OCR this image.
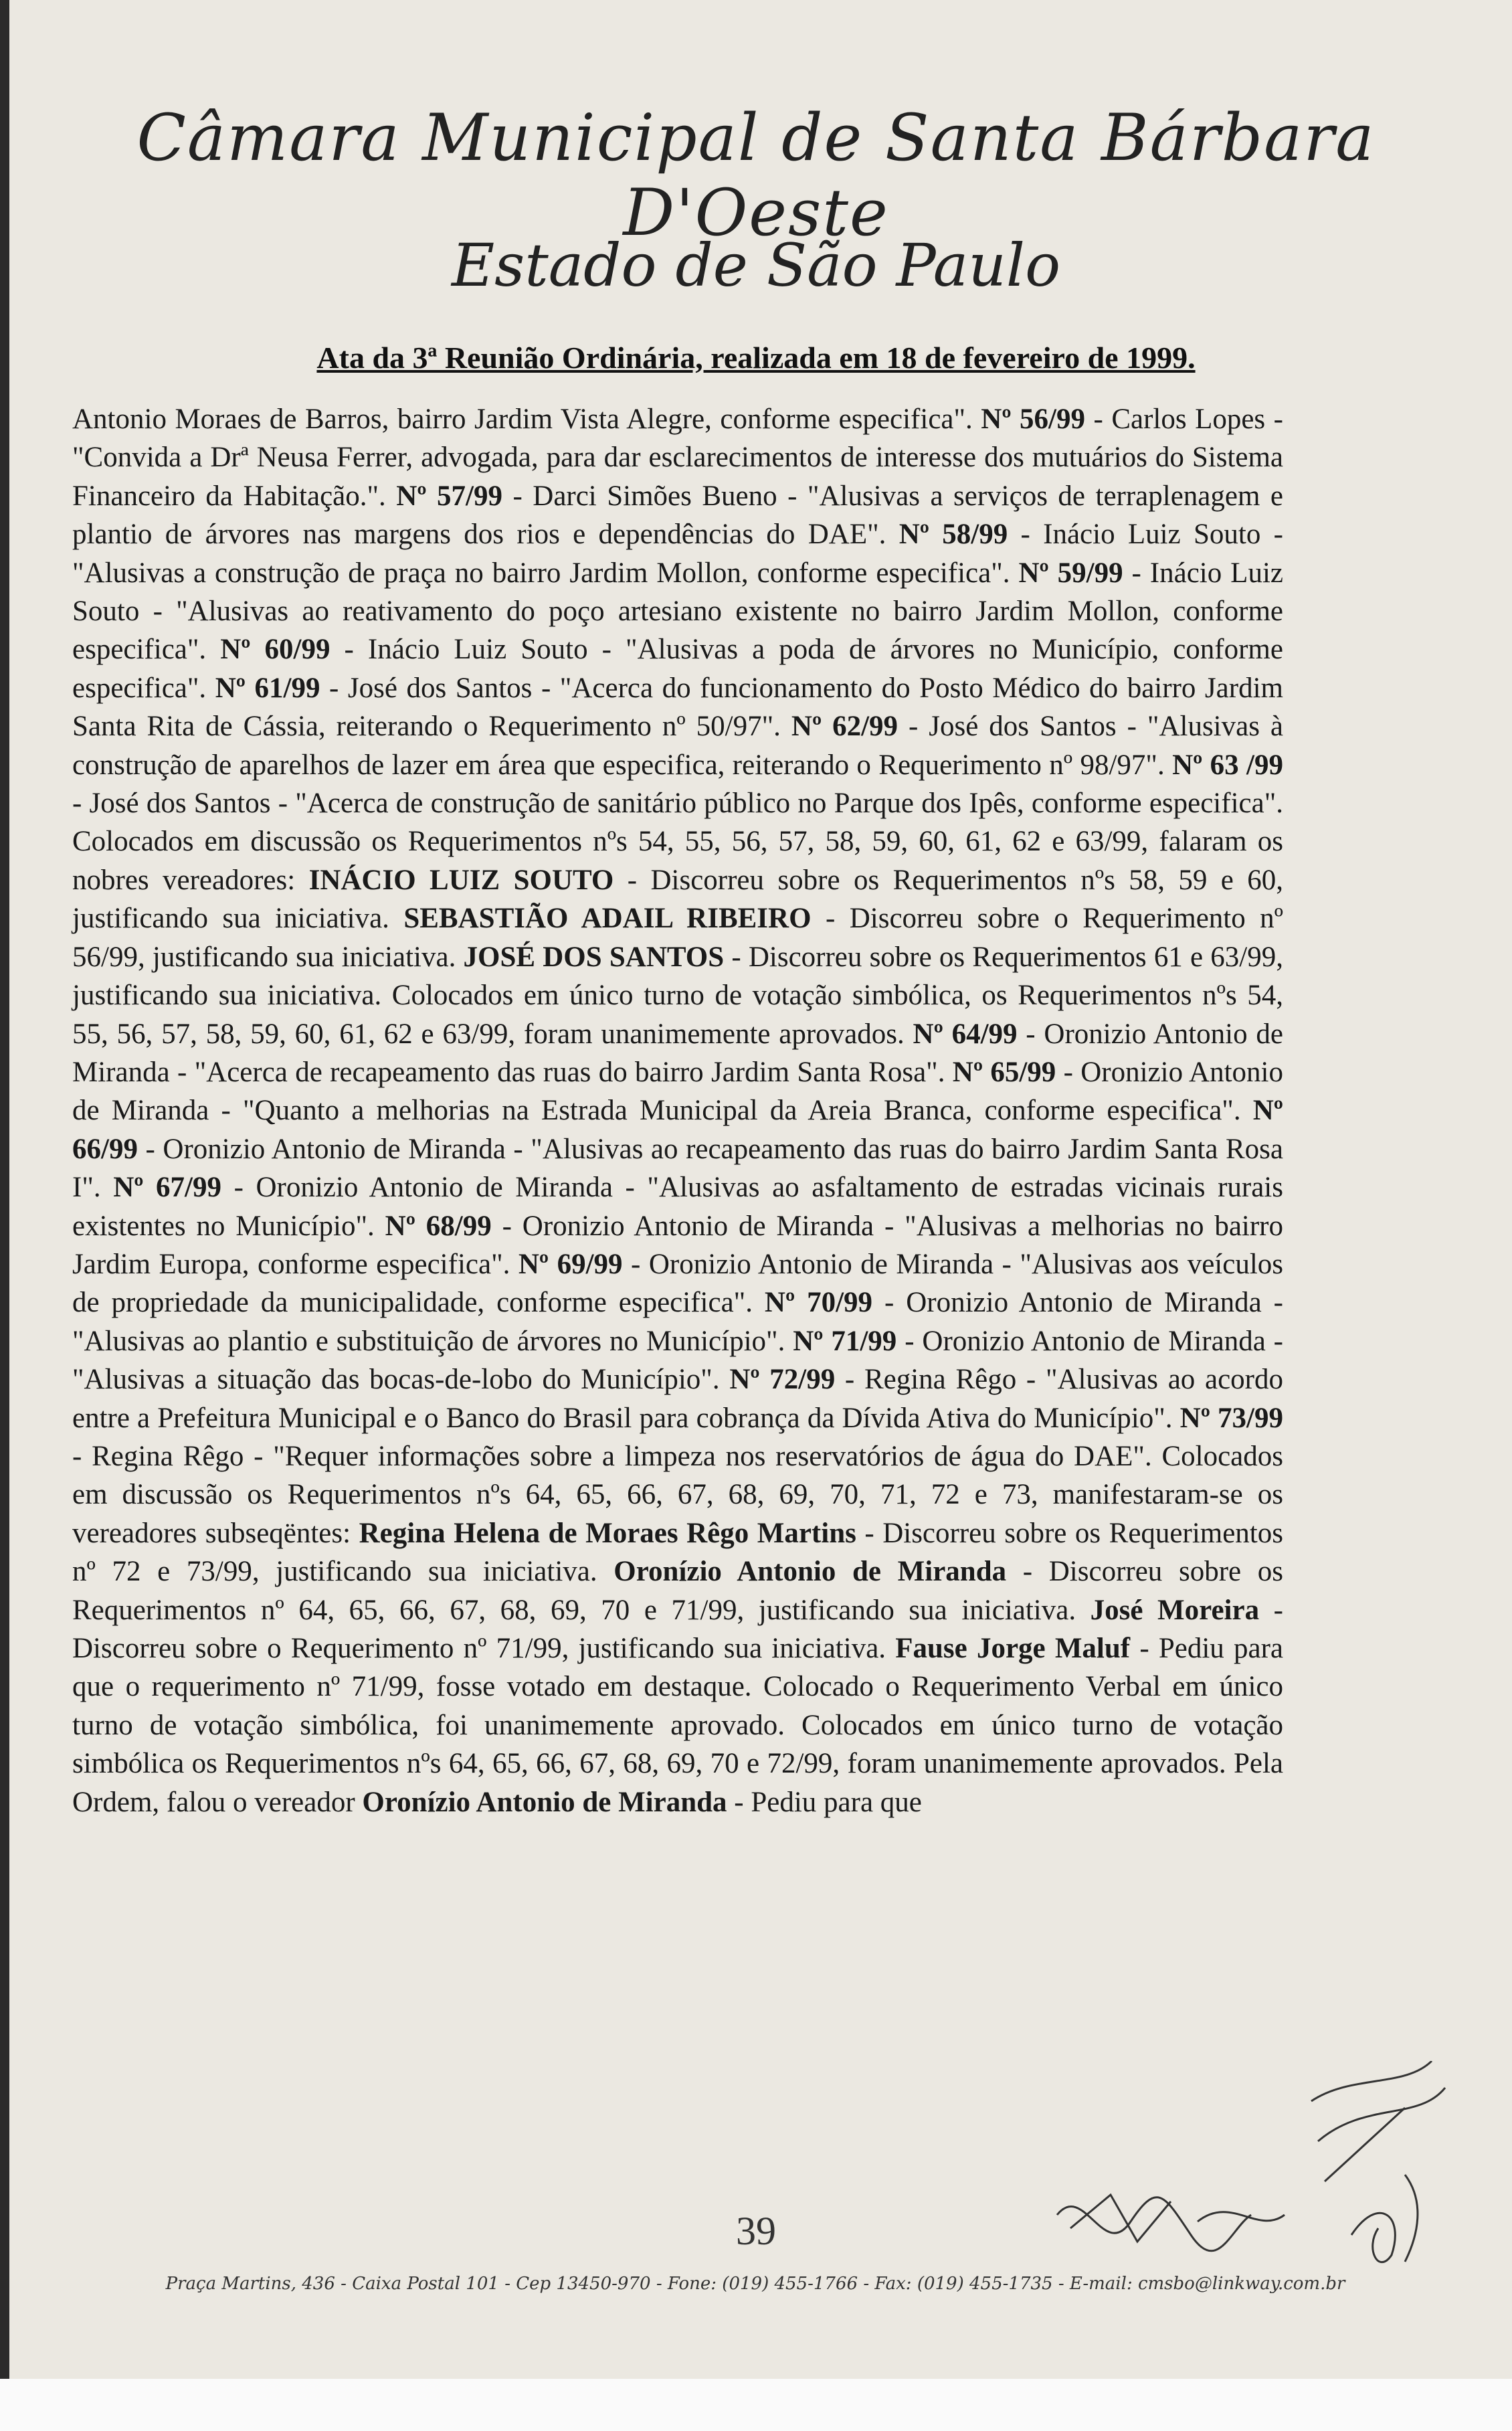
Câmara Municipal de Santa Bárbara D'Oeste
Estado de São Paulo
Ata da 3ª Reunião Ordinária, realizada em 18 de fevereiro de 1999.

Antonio Moraes de Barros, bairro Jardim Vista Alegre, conforme especifica". Nº 56/99 - Carlos Lopes - "Convida a Drª Neusa Ferrer, advogada, para dar esclarecimentos de interesse dos mutuários do Sistema Financeiro da Habitação.". Nº 57/99 - Darci Simões Bueno - "Alusivas a serviços de terraplenagem e plantio de árvores nas margens dos rios e dependências do DAE". Nº 58/99 - Inácio Luiz Souto - "Alusivas a construção de praça no bairro Jardim Mollon, conforme especifica". Nº 59/99 - Inácio Luiz Souto - "Alusivas ao reativamento do poço artesiano existente no bairro Jardim Mollon, conforme especifica". Nº 60/99 - Inácio Luiz Souto - "Alusivas a poda de árvores no Município, conforme especifica". Nº 61/99 - José dos Santos - "Acerca do funcionamento do Posto Médico do bairro Jardim Santa Rita de Cássia, reiterando o Requerimento nº 50/97". Nº 62/99 - José dos Santos - "Alusivas à construção de aparelhos de lazer em área que especifica, reiterando o Requerimento nº 98/97". Nº 63 /99 - José dos Santos - "Acerca de construção de sanitário público no Parque dos Ipês, conforme especifica". Colocados em discussão os Requerimentos nºs 54, 55, 56, 57, 58, 59, 60, 61, 62 e 63/99, falaram os nobres vereadores: INÁCIO LUIZ SOUTO - Discorreu sobre os Requerimentos nºs 58, 59 e 60, justificando sua iniciativa. SEBASTIÃO ADAIL RIBEIRO - Discorreu sobre o Requerimento nº 56/99, justificando sua iniciativa. JOSÉ DOS SANTOS - Discorreu sobre os Requerimentos 61 e 63/99, justificando sua iniciativa. Colocados em único turno de votação simbólica, os Requerimentos nºs 54, 55, 56, 57, 58, 59, 60, 61, 62 e 63/99, foram unanimemente aprovados. Nº 64/99 - Oronizio Antonio de Miranda - "Acerca de recapeamento das ruas do bairro Jardim Santa Rosa". Nº 65/99 - Oronizio Antonio de Miranda - "Quanto a melhorias na Estrada Municipal da Areia Branca, conforme especifica". Nº 66/99 - Oronizio Antonio de Miranda - "Alusivas ao recapeamento das ruas do bairro Jardim Santa Rosa I". Nº 67/99 - Oronizio Antonio de Miranda - "Alusivas ao asfaltamento de estradas vicinais rurais existentes no Município". Nº 68/99 - Oronizio Antonio de Miranda - "Alusivas a melhorias no bairro Jardim Europa, conforme especifica". Nº 69/99 - Oronizio Antonio de Miranda - "Alusivas aos veículos de propriedade da municipalidade, conforme especifica". Nº 70/99 - Oronizio Antonio de Miranda - "Alusivas ao plantio e substituição de árvores no Município". Nº 71/99 - Oronizio Antonio de Miranda - "Alusivas a situação das bocas-de-lobo do Município". Nº 72/99 - Regina Rêgo - "Alusivas ao acordo entre a Prefeitura Municipal e o Banco do Brasil para cobrança da Dívida Ativa do Município". Nº 73/99 - Regina Rêgo - "Requer informações sobre a limpeza nos reservatórios de água do DAE". Colocados em discussão os Requerimentos nºs 64, 65, 66, 67, 68, 69, 70, 71, 72 e 73, manifestaram-se os vereadores subseqëntes: Regina Helena de Moraes Rêgo Martins - Discorreu sobre os Requerimentos nº 72 e 73/99, justificando sua iniciativa. Oronízio Antonio de Miranda - Discorreu sobre os Requerimentos nº 64, 65, 66, 67, 68, 69, 70 e 71/99, justificando sua iniciativa. José Moreira - Discorreu sobre o Requerimento nº 71/99, justificando sua iniciativa. Fause Jorge Maluf - Pediu para que o requerimento nº 71/99, fosse votado em destaque. Colocado o Requerimento Verbal em único turno de votação simbólica, foi unanimemente aprovado. Colocados em único turno de votação simbólica os Requerimentos nºs 64, 65, 66, 67, 68, 69, 70 e 72/99, foram unanimemente aprovados. Pela Ordem, falou o vereador Oronízio Antonio de Miranda - Pediu para que

39
Praça Martins, 436 - Caixa Postal 101 - Cep 13450-970 - Fone: (019) 455-1766 - Fax: (019) 455-1735 - E-mail: cmsbo@linkway.com.br
